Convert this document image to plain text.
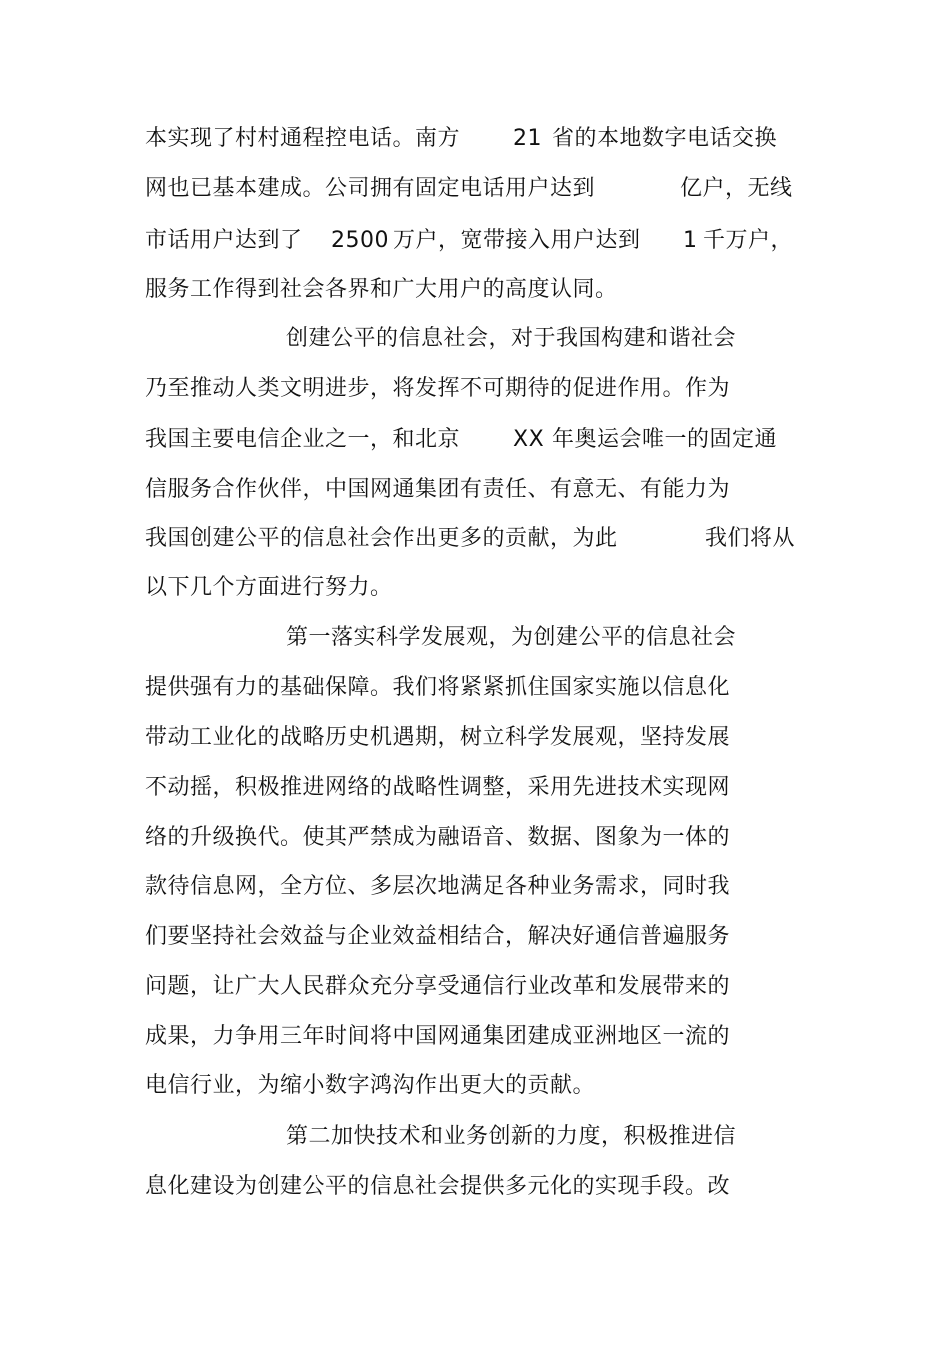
本实现了村村通程控电话。南方 21 省的本地数字电话交换
网也已基本建成。公司拥有固定电话用户达到	亿户，无线
市话用户达到了 2500 万户，宽带接入用户达到 1 千万户，
服务工作得到社会各界和广大用户的高度认同。
创建公平的信息社会，对于我国构建和谐社会
乃至推动人类文明进步，将发挥不可期待的促进作用。作为
我国主要电信企业之一，和北京 XX 年奥运会唯一的固定通
信服务合作伙伴，中国网通集团有责任、有意无、有能力为
我国创建公平的信息社会作出更多的贡献，为此	我们将从
以下几个方面进行努力。
第一落实科学发展观，为创建公平的信息社会
提供强有力的基础保障。我们将紧紧抓住国家实施以信息化
带动工业化的战略历史机遇期，树立科学发展观，坚持发展
不动摇，积极推进网络的战略性调整，采用先进技术实现网
络的升级换代。使其严禁成为融语音、数据、图象为一体的
款待信息网，全方位、多层次地满足各种业务需求，同时我
们要坚持社会效益与企业效益相结合，解决好通信普遍服务
问题，让广大人民群众充分享受通信行业改革和发展带来的
成果，力争用三年时间将中国网通集团建成亚洲地区一流的
电信行业，为缩小数字鸿沟作出更大的贡献。
第二加快技术和业务创新的力度，积极推进信
息化建设为创建公平的信息社会提供多元化的实现手段。改
